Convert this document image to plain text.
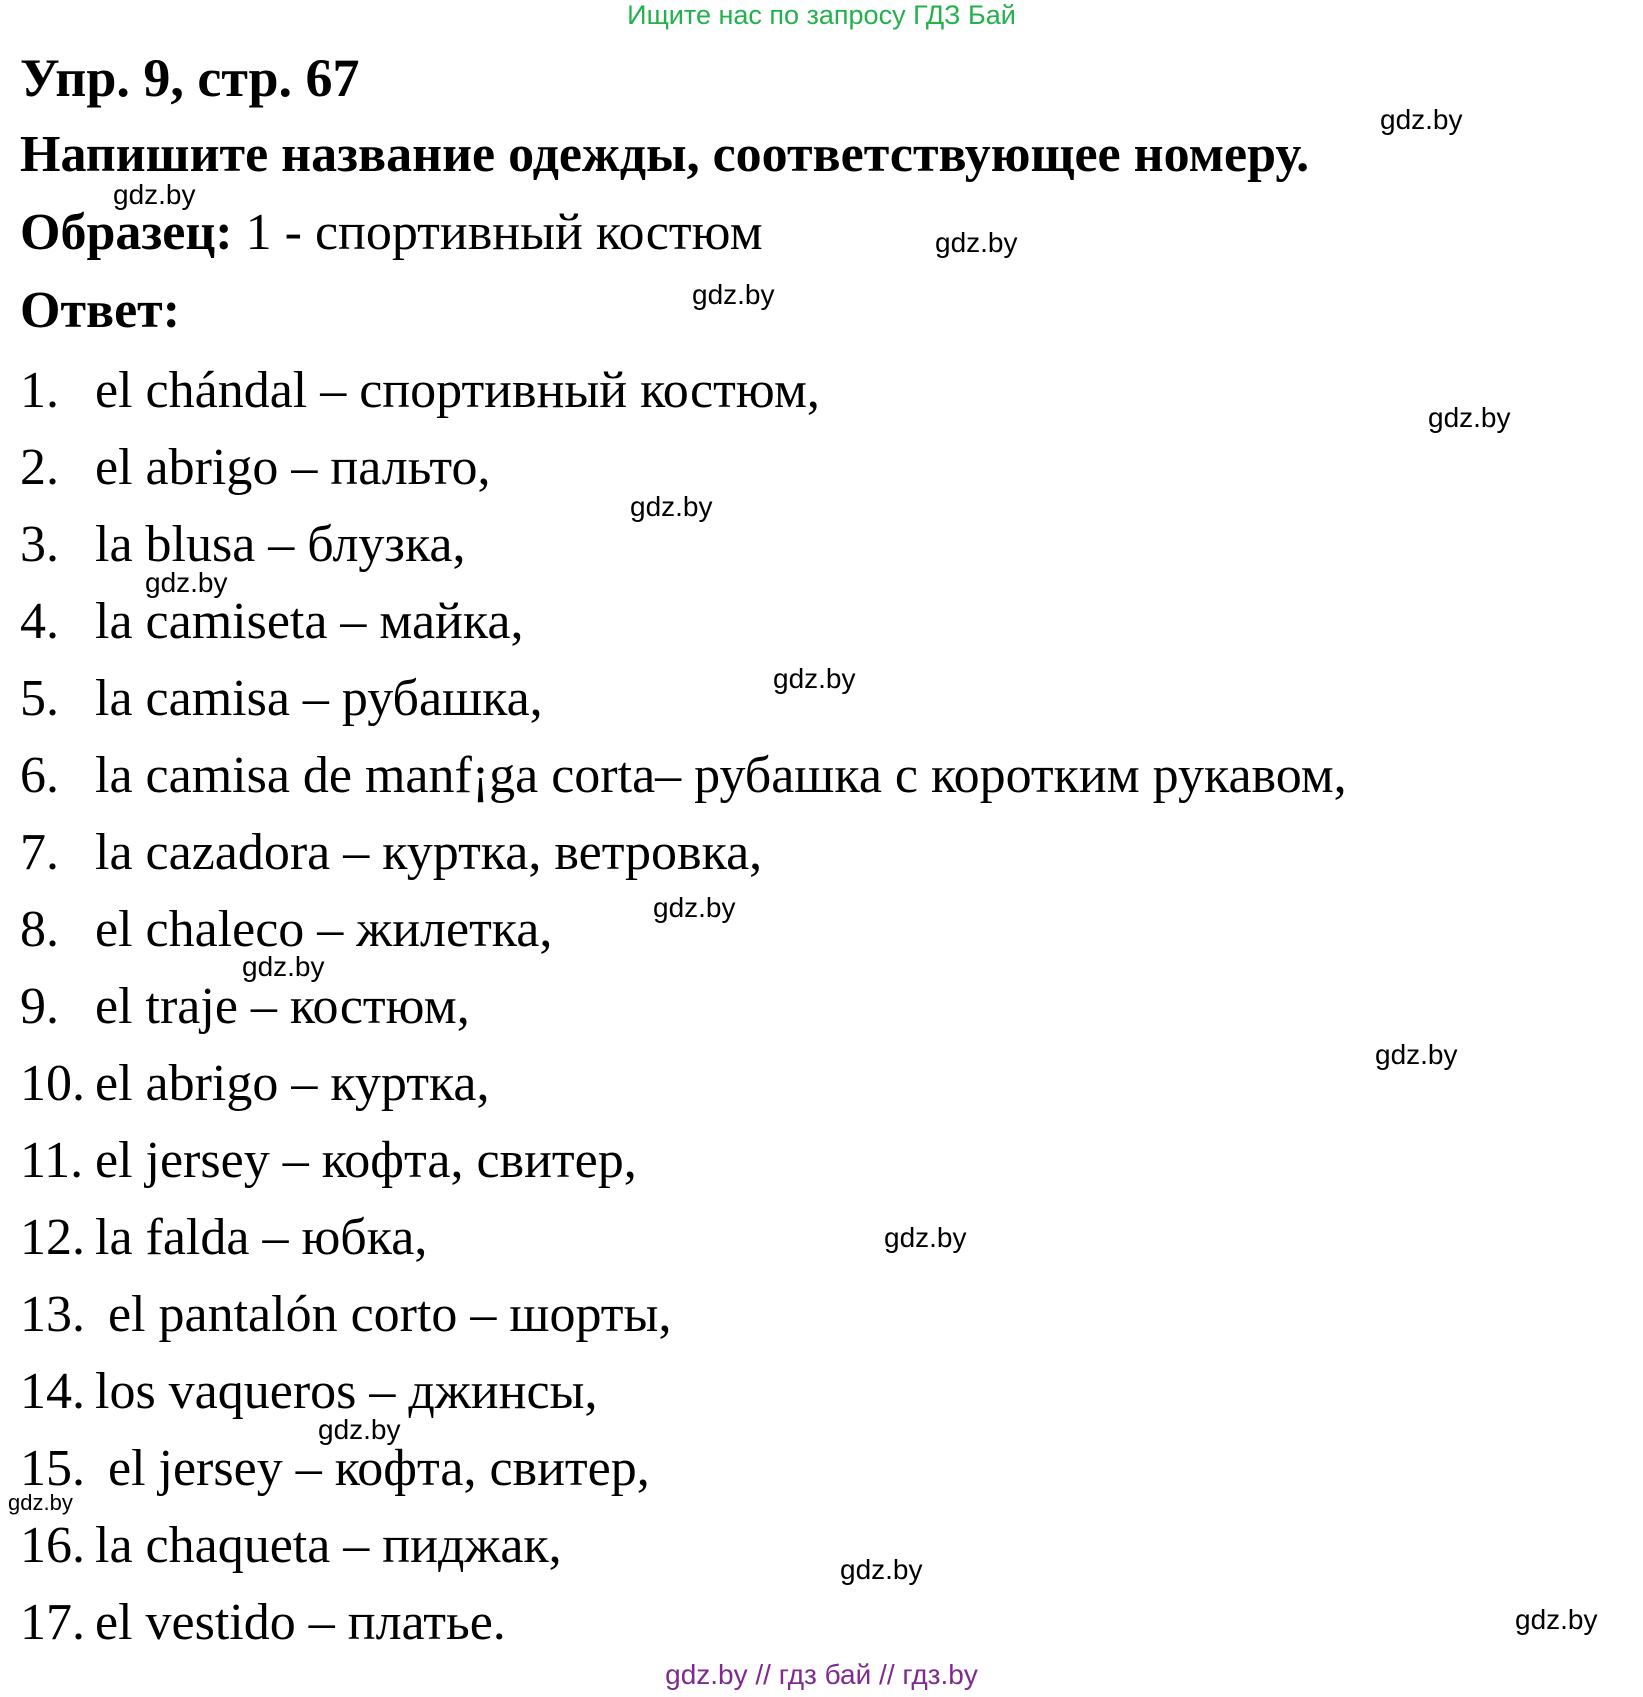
Ищите нас по запросу ГДЗ Бай
Упр. 9, стр. 67
Напишите название одежды, соответствующее номеру.
Образец: 1 - спортивный костюм
Ответ:
1. el chándal – спортивный костюм,
2. el abrigo – пальто,
3. la blusa – блузка,
4. la camiseta – майка,
5. la camisa – рубашка,
6. la camisa de manf¡ga corta– рубашка с коротким рукавом,
7. la cazadora – куртка, ветровка,
8. el chaleco – жилетка,
9. el traje – костюм,
10. el abrigo – куртка,
11. el jersey – кофта, свитер,
12. la falda – юбка,
13. el pantalón corto – шорты,
14. los vaqueros – джинсы,
15. el jersey – кофта, свитер,
16. la chaqueta – пиджак,
17. el vestido – платье.
gdz.by
gdz.by
gdz.by
gdz.by
gdz.by
gdz.by
gdz.by
gdz.by
gdz.by
gdz.by
gdz.by
gdz.by
gdz.by
gdz.by
gdz.by
gdz.by
gdz.by // гдз бай // гдз.by
